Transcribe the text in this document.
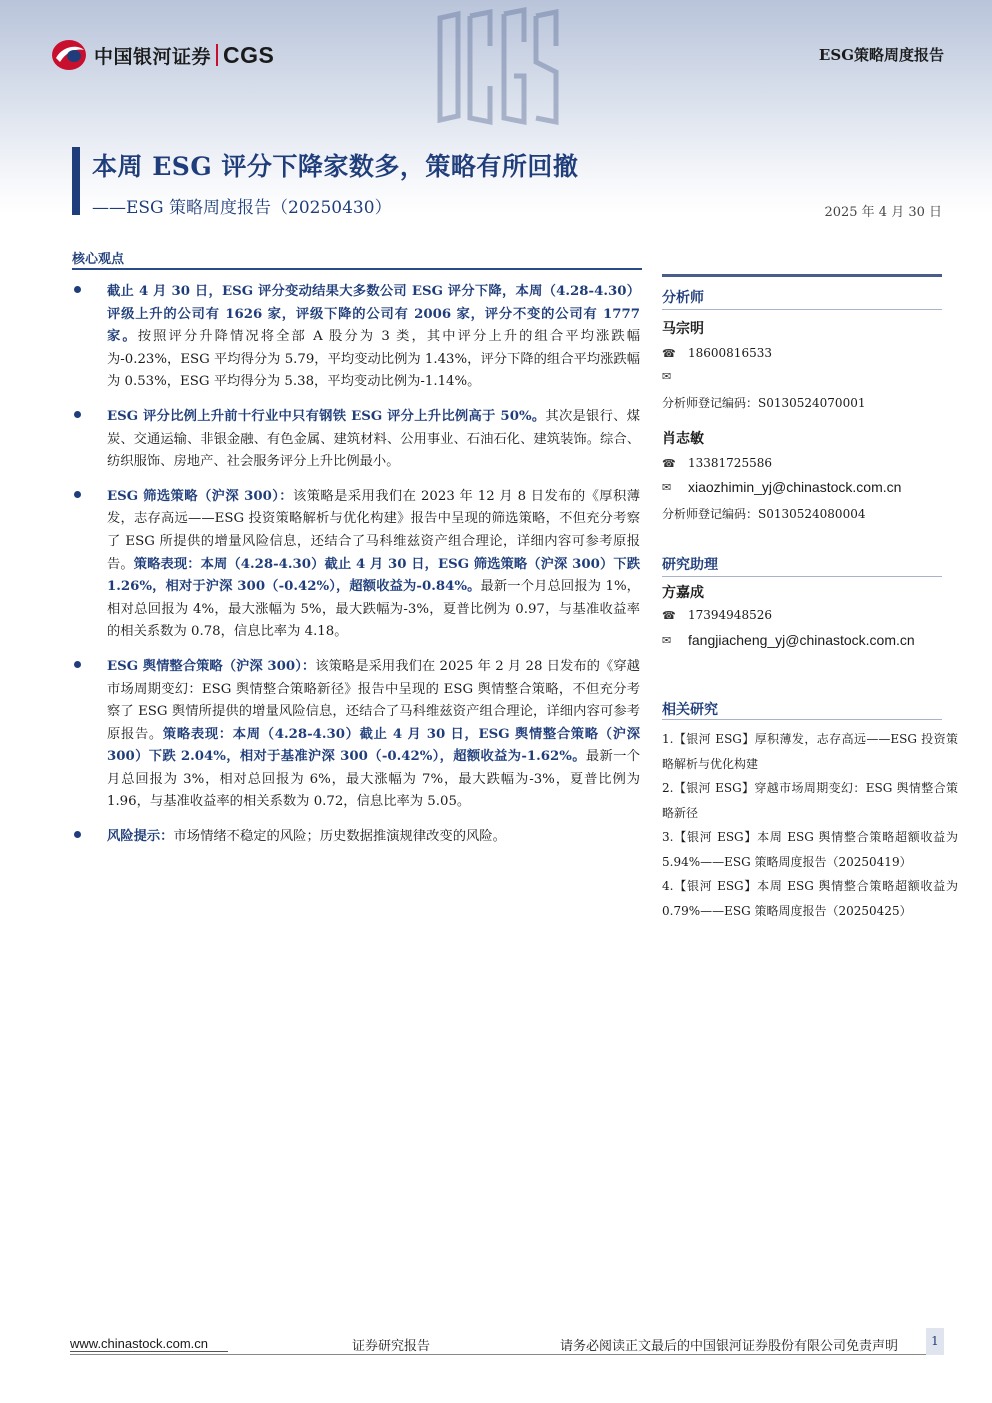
中国银河证券 CGS	ESG策略周度报告
本周 ESG 评分下降家数多，策略有所回撤
——ESG 策略周度报告（20250430）	2025 年 4 月 30 日
核心观点
截止 4 月 30 日，ESG 评分变动结果大多数公司 ESG 评分下降，本周（4.28-4.30）评级上升的公司有 1626 家，评级下降的公司有 2006 家，评分不变的公司有 1777 家。按照评分升降情况将全部 A 股分为 3 类，其中评分上升的组合平均涨跌幅为-0.23%，ESG 平均得分为 5.79，平均变动比例为 1.43%，评分下降的组合平均涨跌幅为 0.53%，ESG 平均得分为 5.38，平均变动比例为-1.14%。
ESG 评分比例上升前十行业中只有钢铁 ESG 评分上升比例高于 50%。其次是银行、煤炭、交通运输、非银金融、有色金属、建筑材料、公用事业、石油石化、建筑装饰。综合、纺织服饰、房地产、社会服务评分上升比例最小。
ESG 筛选策略（沪深 300）：该策略是采用我们在 2023 年 12 月 8 日发布的《厚积薄发，志存高远——ESG 投资策略解析与优化构建》报告中呈现的筛选策略，不但充分考察了 ESG 所提供的增量风险信息，还结合了马科维兹资产组合理论，详细内容可参考原报告。策略表现：本周（4.28-4.30）截止 4 月 30 日，ESG 筛选策略（沪深 300）下跌 1.26%，相对于沪深 300（-0.42%），超额收益为-0.84%。最新一个月总回报为 1%，相对总回报为 4%，最大涨幅为 5%，最大跌幅为-3%，夏普比例为 0.97，与基准收益率的相关系数为 0.78，信息比率为 4.18。
ESG 舆情整合策略（沪深 300）：该策略是采用我们在 2025 年 2 月 28 日发布的《穿越市场周期变幻：ESG 舆情整合策略新径》报告中呈现的 ESG 舆情整合策略，不但充分考察了 ESG 舆情所提供的增量风险信息，还结合了马科维兹资产组合理论，详细内容可参考原报告。策略表现：本周（4.28-4.30）截止 4 月 30 日，ESG 舆情整合策略（沪深 300）下跌 2.04%，相对于基准沪深 300（-0.42%），超额收益为-1.62%。最新一个月总回报为 3%，相对总回报为 6%，最大涨幅为 7%，最大跌幅为-3%，夏普比例为 1.96，与基准收益率的相关系数为 0.72，信息比率为 5.05。
风险提示：市场情绪不稳定的风险；历史数据推演规律改变的风险。
分析师
马宗明
☎ 18600816533
✉
分析师登记编码：S0130524070001
肖志敏
☎ 13381725586
✉	xiaozhimin_yj@chinastock.com.cn
分析师登记编码：S0130524080004
研究助理
方嘉成
☎ 17394948526
✉	fangjiacheng_yj@chinastock.com.cn
相关研究
1.【银河 ESG】厚积薄发，志存高远——ESG 投资策略解析与优化构建
2.【银河 ESG】穿越市场周期变幻：ESG 舆情整合策略新径
3.【银河 ESG】本周 ESG 舆情整合策略超额收益为 5.94%——ESG 策略周度报告（20250419）
4.【银河 ESG】本周 ESG 舆情整合策略超额收益为 0.79%——ESG 策略周度报告（20250425）
www.chinastock.com.cn	证券研究报告	请务必阅读正文最后的中国银河证券股份有限公司免责声明	1
